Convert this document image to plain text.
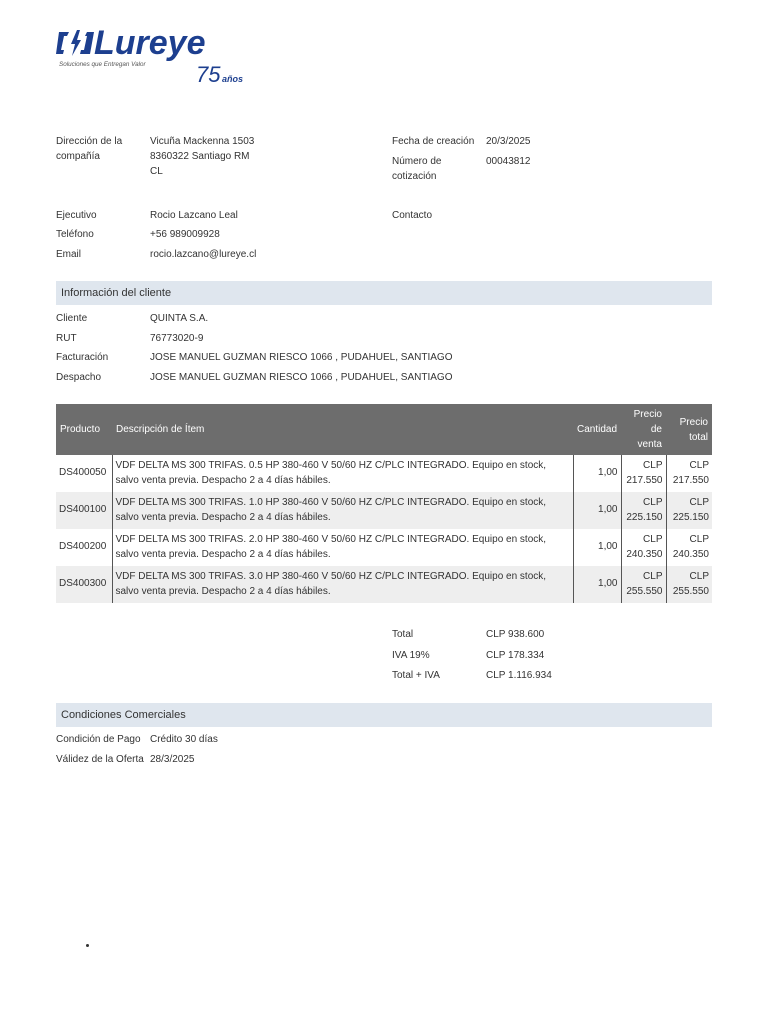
Lureye
Soluciones que Entregan Valor 75 años
Dirección de la compañía
Vicuña Mackenna 1503
8360322 Santiago RM
CL
Fecha de creación	20/3/2025
Número de cotización
00043812
Ejecutivo	Rocio Lazcano Leal	Contacto
Teléfono	+56 989009928
Email	rocio.lazcano@lureye.cl
Información del cliente
Cliente	QUINTA S.A.
RUT	76773020-9
Facturación	JOSE MANUEL GUZMAN RIESCO 1066 , PUDAHUEL, SANTIAGO
Despacho	JOSE MANUEL GUZMAN RIESCO 1066 , PUDAHUEL, SANTIAGO
Producto	Descripción de Ítem	Cantidad	Precio de venta	Precio total
DS400050	VDF DELTA MS 300 TRIFAS. 0.5 HP 380-460 V 50/60 HZ C/PLC INTEGRADO. Equipo en stock, salvo venta previa. Despacho 2 a 4 días hábiles.	1,00	CLP 217.550	CLP 217.550
DS400100	VDF DELTA MS 300 TRIFAS. 1.0 HP 380-460 V 50/60 HZ C/PLC INTEGRADO. Equipo en stock, salvo venta previa. Despacho 2 a 4 días hábiles.	1,00	CLP 225.150	CLP 225.150
DS400200	VDF DELTA MS 300 TRIFAS. 2.0 HP 380-460 V 50/60 HZ C/PLC INTEGRADO. Equipo en stock, salvo venta previa. Despacho 2 a 4 días hábiles.	1,00	CLP 240.350	CLP 240.350
DS400300	VDF DELTA MS 300 TRIFAS. 3.0 HP 380-460 V 50/60 HZ C/PLC INTEGRADO. Equipo en stock, salvo venta previa. Despacho 2 a 4 días hábiles.	1,00	CLP 255.550	CLP 255.550
Total	CLP 938.600
IVA 19%	CLP 178.334
Total + IVA	CLP 1.116.934
Condiciones Comerciales
Condición de Pago Crédito 30 días
Válidez de la Oferta 28/3/2025
